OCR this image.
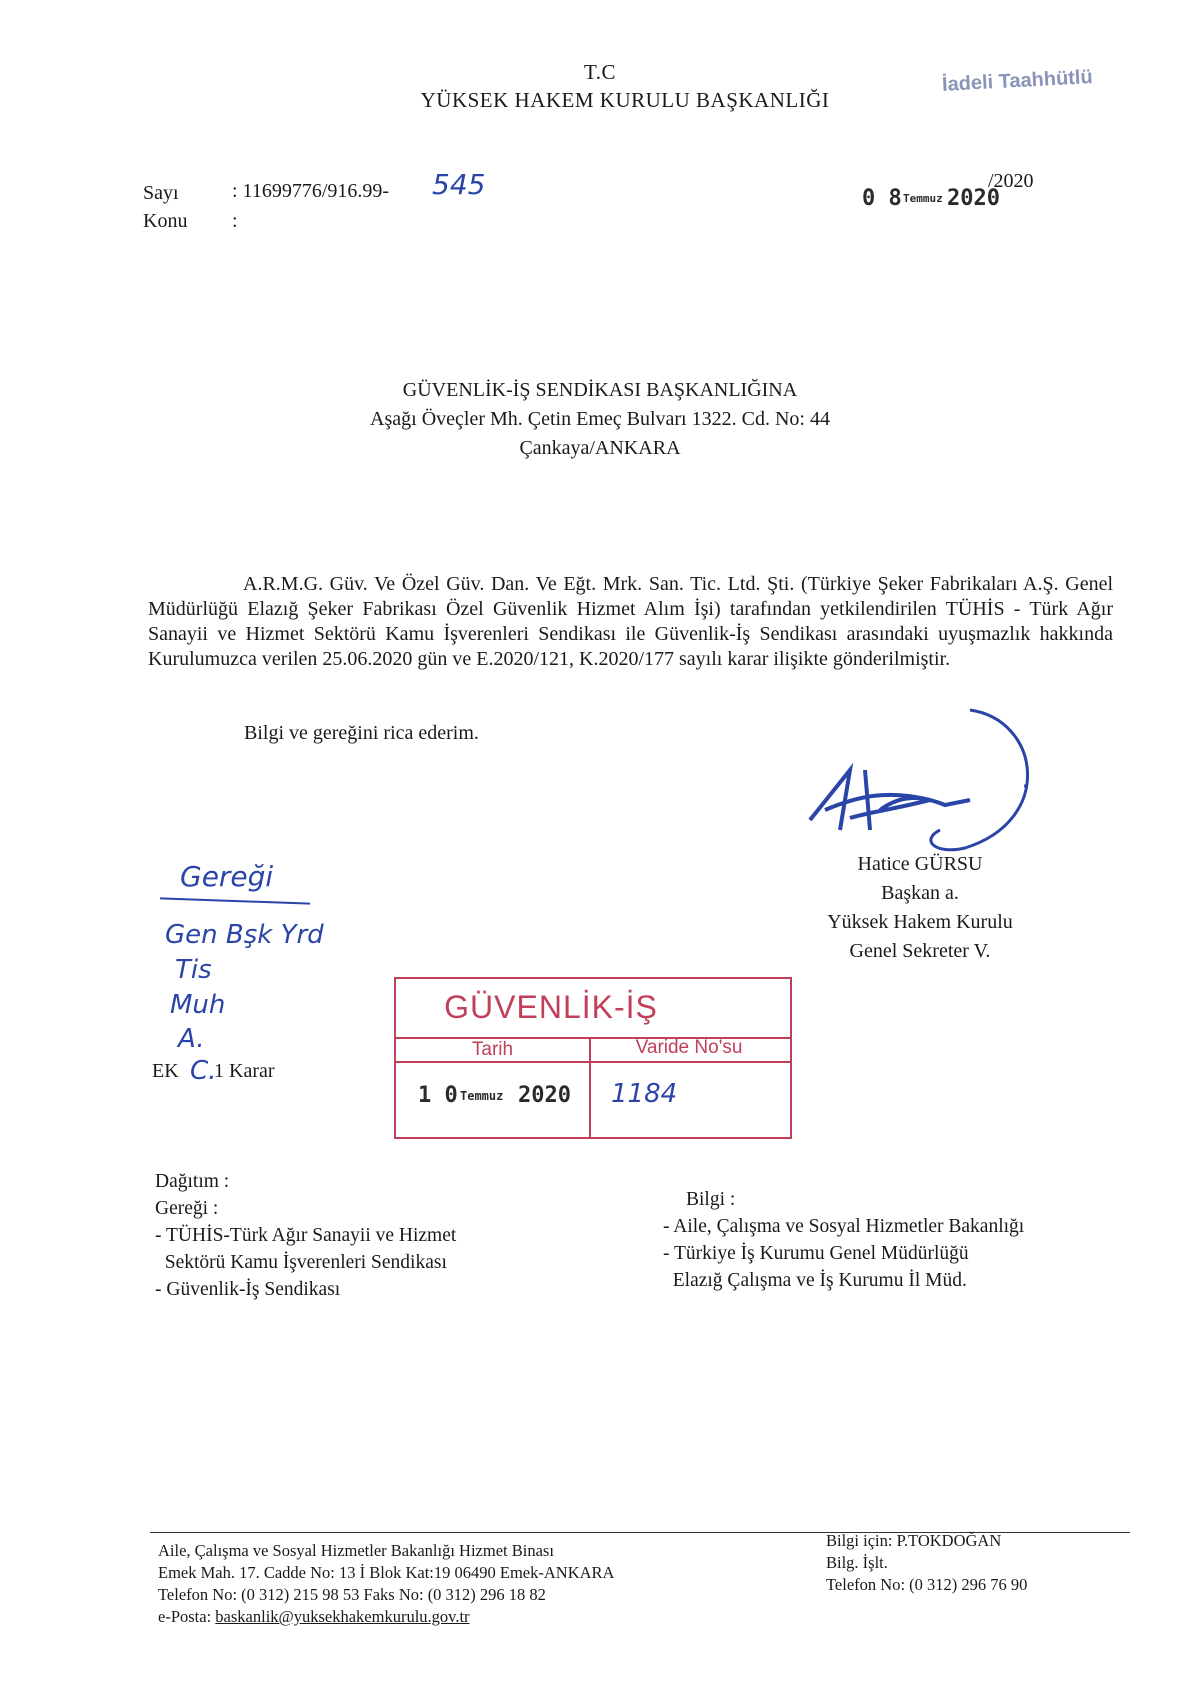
T.C
YÜKSEK HAKEM KURULU BAŞKANLIĞI
İadeli Taahhütlü
Sayı	: 11699776/916.99- 545
Konu :
0 8 Temmuz 2020
/2020
GÜVENLİK-İŞ SENDİKASI BAŞKANLIĞINA
Aşağı Öveçler Mh. Çetin Emeç Bulvarı 1322. Cd. No: 44
Çankaya/ANKARA
A.R.M.G. Güv. Ve Özel Güv. Dan. Ve Eğt. Mrk. San. Tic. Ltd. Şti. (Türkiye Şeker Fabrikaları A.Ş. Genel Müdürlüğü Elazığ Şeker Fabrikası Özel Güvenlik Hizmet Alım İşi) tarafından yetkilendirilen TÜHİS - Türk Ağır Sanayii ve Hizmet Sektörü Kamu İşverenleri Sendikası ile Güvenlik-İş Sendikası arasındaki uyuşmazlık hakkında Kurulumuzca verilen 25.06.2020 gün ve E.2020/121, K.2020/177 sayılı karar ilişikte gönderilmiştir.
Bilgi ve gereğini rica ederim.
Hatice GÜRSU
Başkan a.
Yüksek Hakem Kurulu
Genel Sekreter V.
Gereği
Gen Bşk Yrd
Tis
Muh
A.
C.
EK 1 Karar
GÜVENLİK-İŞ
Tarih	Varide No'su
1 0 Temmuz 2020 1184
Dağıtım :
Gereği :
- TÜHİS-Türk Ağır Sanayii ve Hizmet
Sektörü Kamu İşverenleri Sendikası
- Güvenlik-İş Sendikası
Bilgi :
- Aile, Çalışma ve Sosyal Hizmetler Bakanlığı
- Türkiye İş Kurumu Genel Müdürlüğü
Elazığ Çalışma ve İş Kurumu İl Müd.
Aile, Çalışma ve Sosyal Hizmetler Bakanlığı Hizmet Binası
Emek Mah. 17. Cadde No: 13 İ Blok Kat:19 06490 Emek-ANKARA
Telefon No: (0 312) 215 98 53 Faks No: (0 312) 296 18 82
e-Posta: baskanlik@yuksekhakemkurulu.gov.tr
Bilgi için: P.TOKDOĞAN
Bilg. İşlt.
Telefon No: (0 312) 296 76 90
